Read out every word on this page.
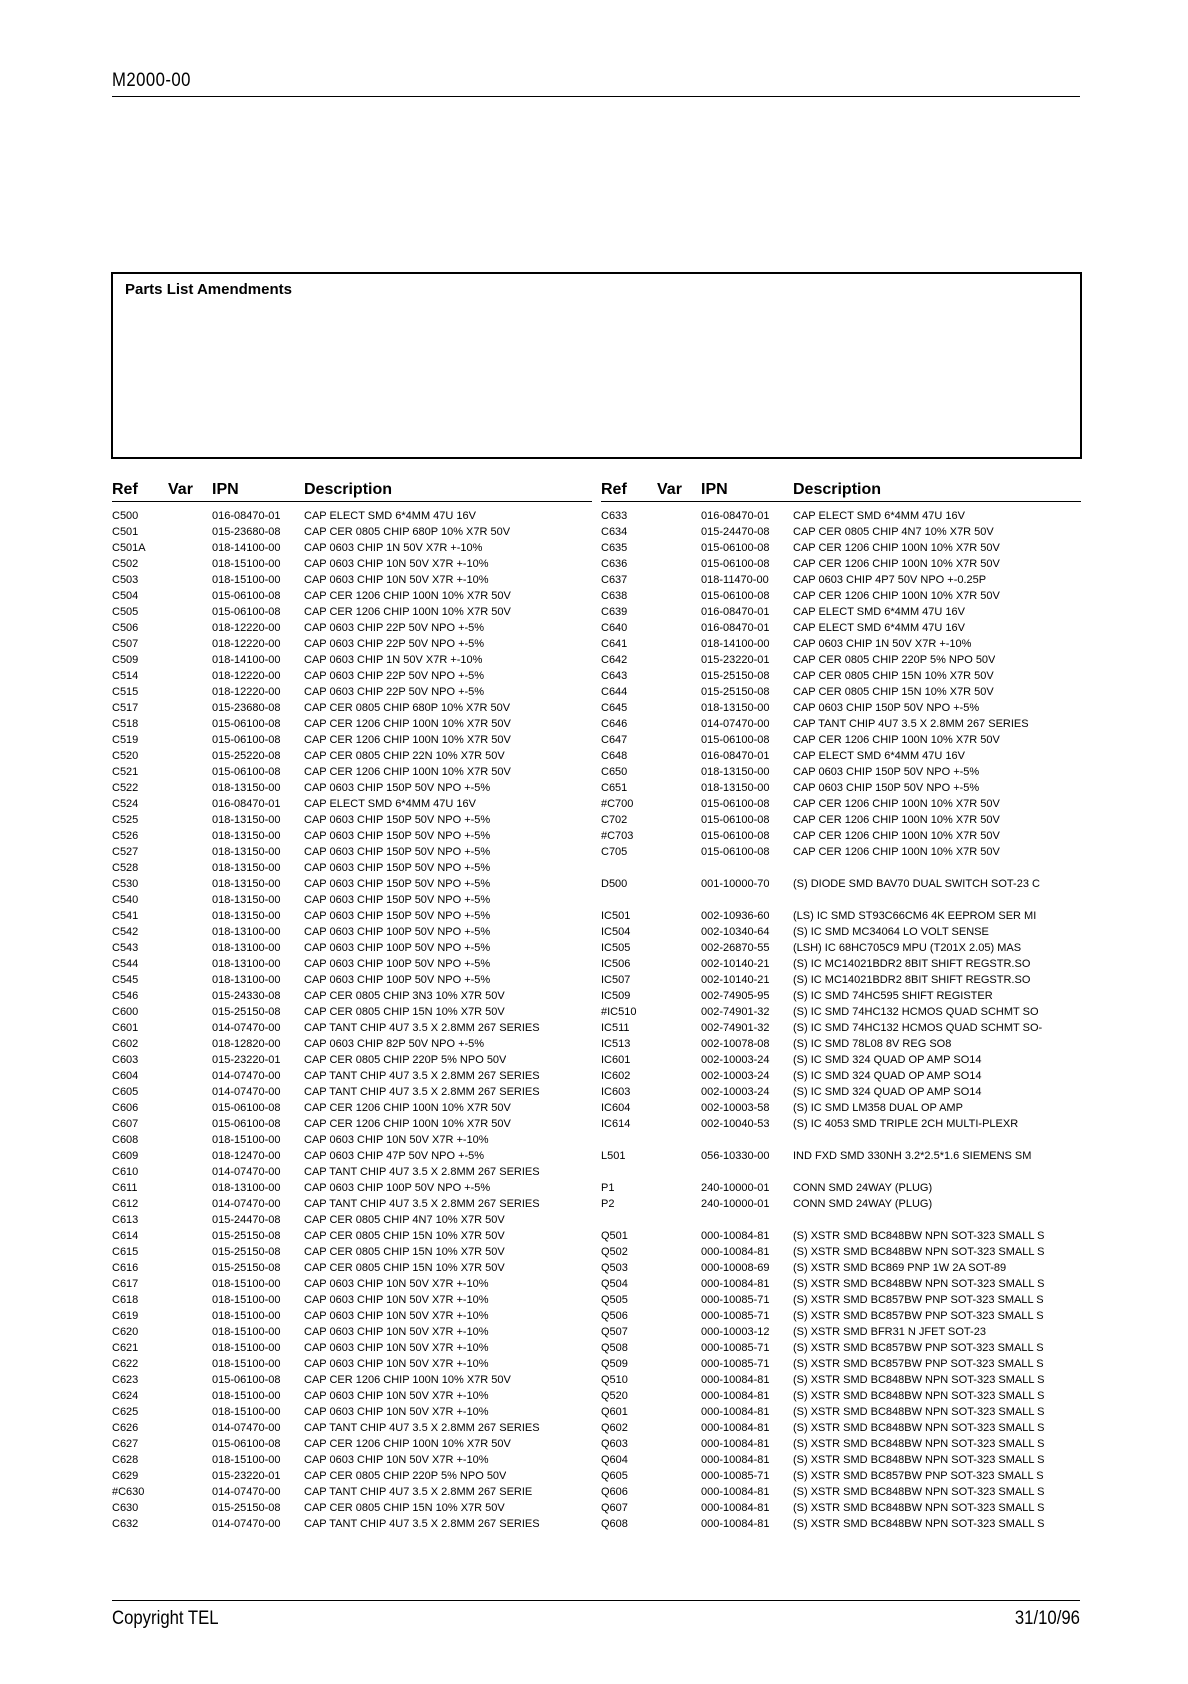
M2000-00
Parts List Amendments
Ref Var IPN	Description
C500	016-08470-01 CAP ELECT SMD 6*4MM 47U 16V
C501	015-23680-08 CAP CER 0805 CHIP 680P 10% X7R 50V
C501A	018-14100-00 CAP 0603 CHIP 1N 50V X7R +-10%
C502	018-15100-00 CAP 0603 CHIP 10N 50V X7R +-10%
C503	018-15100-00 CAP 0603 CHIP 10N 50V X7R +-10%
C504	015-06100-08 CAP CER 1206 CHIP 100N 10% X7R 50V
C505	015-06100-08 CAP CER 1206 CHIP 100N 10% X7R 50V
C506	018-12220-00 CAP 0603 CHIP 22P 50V NPO +-5%
C507	018-12220-00 CAP 0603 CHIP 22P 50V NPO +-5%
C509	018-14100-00 CAP 0603 CHIP 1N 50V X7R +-10%
C514	018-12220-00 CAP 0603 CHIP 22P 50V NPO +-5%
C515	018-12220-00 CAP 0603 CHIP 22P 50V NPO +-5%
C517	015-23680-08 CAP CER 0805 CHIP 680P 10% X7R 50V
C518	015-06100-08 CAP CER 1206 CHIP 100N 10% X7R 50V
C519	015-06100-08 CAP CER 1206 CHIP 100N 10% X7R 50V
C520	015-25220-08 CAP CER 0805 CHIP 22N 10% X7R 50V
C521	015-06100-08 CAP CER 1206 CHIP 100N 10% X7R 50V
C522	018-13150-00 CAP 0603 CHIP 150P 50V NPO +-5%
C524	016-08470-01 CAP ELECT SMD 6*4MM 47U 16V
C525	018-13150-00 CAP 0603 CHIP 150P 50V NPO +-5%
C526	018-13150-00 CAP 0603 CHIP 150P 50V NPO +-5%
C527	018-13150-00 CAP 0603 CHIP 150P 50V NPO +-5%
C528	018-13150-00 CAP 0603 CHIP 150P 50V NPO +-5%
C530	018-13150-00 CAP 0603 CHIP 150P 50V NPO +-5%
C540	018-13150-00 CAP 0603 CHIP 150P 50V NPO +-5%
C541	018-13150-00 CAP 0603 CHIP 150P 50V NPO +-5%
C542	018-13100-00 CAP 0603 CHIP 100P 50V NPO +-5%
C543	018-13100-00 CAP 0603 CHIP 100P 50V NPO +-5%
C544	018-13100-00 CAP 0603 CHIP 100P 50V NPO +-5%
C545	018-13100-00 CAP 0603 CHIP 100P 50V NPO +-5%
C546	015-24330-08 CAP CER 0805 CHIP 3N3 10% X7R 50V
C600	015-25150-08 CAP CER 0805 CHIP 15N 10% X7R 50V
C601	014-07470-00 CAP TANT CHIP 4U7 3.5 X 2.8MM 267 SERIES
C602	018-12820-00 CAP 0603 CHIP 82P 50V NPO +-5%
C603	015-23220-01 CAP CER 0805 CHIP 220P 5% NPO 50V
C604	014-07470-00 CAP TANT CHIP 4U7 3.5 X 2.8MM 267 SERIES
C605	014-07470-00 CAP TANT CHIP 4U7 3.5 X 2.8MM 267 SERIES
C606	015-06100-08 CAP CER 1206 CHIP 100N 10% X7R 50V
C607	015-06100-08 CAP CER 1206 CHIP 100N 10% X7R 50V
C608	018-15100-00 CAP 0603 CHIP 10N 50V X7R +-10%
C609	018-12470-00 CAP 0603 CHIP 47P 50V NPO +-5%
C610	014-07470-00 CAP TANT CHIP 4U7 3.5 X 2.8MM 267 SERIES
C611	018-13100-00 CAP 0603 CHIP 100P 50V NPO +-5%
C612	014-07470-00 CAP TANT CHIP 4U7 3.5 X 2.8MM 267 SERIES
C613	015-24470-08 CAP CER 0805 CHIP 4N7 10% X7R 50V
C614	015-25150-08 CAP CER 0805 CHIP 15N 10% X7R 50V
C615	015-25150-08 CAP CER 0805 CHIP 15N 10% X7R 50V
C616	015-25150-08 CAP CER 0805 CHIP 15N 10% X7R 50V
C617	018-15100-00 CAP 0603 CHIP 10N 50V X7R +-10%
C618	018-15100-00 CAP 0603 CHIP 10N 50V X7R +-10%
C619	018-15100-00 CAP 0603 CHIP 10N 50V X7R +-10%
C620	018-15100-00 CAP 0603 CHIP 10N 50V X7R +-10%
C621	018-15100-00 CAP 0603 CHIP 10N 50V X7R +-10%
C622	018-15100-00 CAP 0603 CHIP 10N 50V X7R +-10%
C623	015-06100-08 CAP CER 1206 CHIP 100N 10% X7R 50V
C624	018-15100-00 CAP 0603 CHIP 10N 50V X7R +-10%
C625	018-15100-00 CAP 0603 CHIP 10N 50V X7R +-10%
C626	014-07470-00 CAP TANT CHIP 4U7 3.5 X 2.8MM 267 SERIES
C627	015-06100-08 CAP CER 1206 CHIP 100N 10% X7R 50V
C628	018-15100-00 CAP 0603 CHIP 10N 50V X7R +-10%
C629	015-23220-01 CAP CER 0805 CHIP 220P 5% NPO 50V
#C630	014-07470-00 CAP TANT CHIP 4U7 3.5 X 2.8MM 267 SERIE
C630	015-25150-08 CAP CER 0805 CHIP 15N 10% X7R 50V
C632	014-07470-00 CAP TANT CHIP 4U7 3.5 X 2.8MM 267 SERIES
Ref Var IPN	Description
C633	016-08470-01 CAP ELECT SMD 6*4MM 47U 16V
C634	015-24470-08 CAP CER 0805 CHIP 4N7 10% X7R 50V
C635	015-06100-08 CAP CER 1206 CHIP 100N 10% X7R 50V
C636	015-06100-08 CAP CER 1206 CHIP 100N 10% X7R 50V
C637	018-11470-00 CAP 0603 CHIP 4P7 50V NPO +-0.25P
C638	015-06100-08 CAP CER 1206 CHIP 100N 10% X7R 50V
C639	016-08470-01 CAP ELECT SMD 6*4MM 47U 16V
C640	016-08470-01 CAP ELECT SMD 6*4MM 47U 16V
C641	018-14100-00 CAP 0603 CHIP 1N 50V X7R +-10%
C642	015-23220-01 CAP CER 0805 CHIP 220P 5% NPO 50V
C643	015-25150-08 CAP CER 0805 CHIP 15N 10% X7R 50V
C644	015-25150-08 CAP CER 0805 CHIP 15N 10% X7R 50V
C645	018-13150-00 CAP 0603 CHIP 150P 50V NPO +-5%
C646	014-07470-00 CAP TANT CHIP 4U7 3.5 X 2.8MM 267 SERIES
C647	015-06100-08 CAP CER 1206 CHIP 100N 10% X7R 50V
C648	016-08470-01 CAP ELECT SMD 6*4MM 47U 16V
C650	018-13150-00 CAP 0603 CHIP 150P 50V NPO +-5%
C651	018-13150-00 CAP 0603 CHIP 150P 50V NPO +-5%
#C700	015-06100-08 CAP CER 1206 CHIP 100N 10% X7R 50V
C702	015-06100-08 CAP CER 1206 CHIP 100N 10% X7R 50V
#C703	015-06100-08 CAP CER 1206 CHIP 100N 10% X7R 50V
C705	015-06100-08 CAP CER 1206 CHIP 100N 10% X7R 50V
D500	001-10000-70 (S) DIODE SMD BAV70 DUAL SWITCH SOT-23 C
IC501	002-10936-60 (LS) IC SMD ST93C66CM6 4K EEPROM SER MI
IC504	002-10340-64 (S) IC SMD MC34064 LO VOLT SENSE
IC505	002-26870-55 (LSH) IC 68HC705C9 MPU (T201X 2.05) MAS
IC506	002-10140-21 (S) IC MC14021BDR2 8BIT SHIFT REGSTR.SO
IC507	002-10140-21 (S) IC MC14021BDR2 8BIT SHIFT REGSTR.SO
IC509	002-74905-95 (S) IC SMD 74HC595 SHIFT REGISTER
#IC510	002-74901-32 (S) IC SMD 74HC132 HCMOS QUAD SCHMT SO
IC511	002-74901-32 (S) IC SMD 74HC132 HCMOS QUAD SCHMT SO-
IC513	002-10078-08 (S) IC SMD 78L08 8V REG SO8
IC601	002-10003-24 (S) IC SMD 324 QUAD OP AMP SO14
IC602	002-10003-24 (S) IC SMD 324 QUAD OP AMP SO14
IC603	002-10003-24 (S) IC SMD 324 QUAD OP AMP SO14
IC604	002-10003-58 (S) IC SMD LM358 DUAL OP AMP
IC614	002-10040-53 (S) IC 4053 SMD TRIPLE 2CH MULTI-PLEXR
L501	056-10330-00 IND FXD SMD 330NH 3.2*2.5*1.6 SIEMENS SM
P1	240-10000-01 CONN SMD 24WAY (PLUG)
P2	240-10000-01 CONN SMD 24WAY (PLUG)
Q501	000-10084-81 (S) XSTR SMD BC848BW NPN SOT-323 SMALL S
Q502	000-10084-81 (S) XSTR SMD BC848BW NPN SOT-323 SMALL S
Q503	000-10008-69 (S) XSTR SMD BC869 PNP 1W 2A SOT-89
Q504	000-10084-81 (S) XSTR SMD BC848BW NPN SOT-323 SMALL S
Q505	000-10085-71 (S) XSTR SMD BC857BW PNP SOT-323 SMALL S
Q506	000-10085-71 (S) XSTR SMD BC857BW PNP SOT-323 SMALL S
Q507	000-10003-12 (S) XSTR SMD BFR31 N JFET SOT-23
Q508	000-10085-71 (S) XSTR SMD BC857BW PNP SOT-323 SMALL S
Q509	000-10085-71 (S) XSTR SMD BC857BW PNP SOT-323 SMALL S
Q510	000-10084-81 (S) XSTR SMD BC848BW NPN SOT-323 SMALL S
Q520	000-10084-81 (S) XSTR SMD BC848BW NPN SOT-323 SMALL S
Q601	000-10084-81 (S) XSTR SMD BC848BW NPN SOT-323 SMALL S
Q602	000-10084-81 (S) XSTR SMD BC848BW NPN SOT-323 SMALL S
Q603	000-10084-81 (S) XSTR SMD BC848BW NPN SOT-323 SMALL S
Q604	000-10084-81 (S) XSTR SMD BC848BW NPN SOT-323 SMALL S
Q605	000-10085-71 (S) XSTR SMD BC857BW PNP SOT-323 SMALL S
Q606	000-10084-81 (S) XSTR SMD BC848BW NPN SOT-323 SMALL S
Q607	000-10084-81 (S) XSTR SMD BC848BW NPN SOT-323 SMALL S
Q608	000-10084-81 (S) XSTR SMD BC848BW NPN SOT-323 SMALL S
Copyright TEL	31/10/96
